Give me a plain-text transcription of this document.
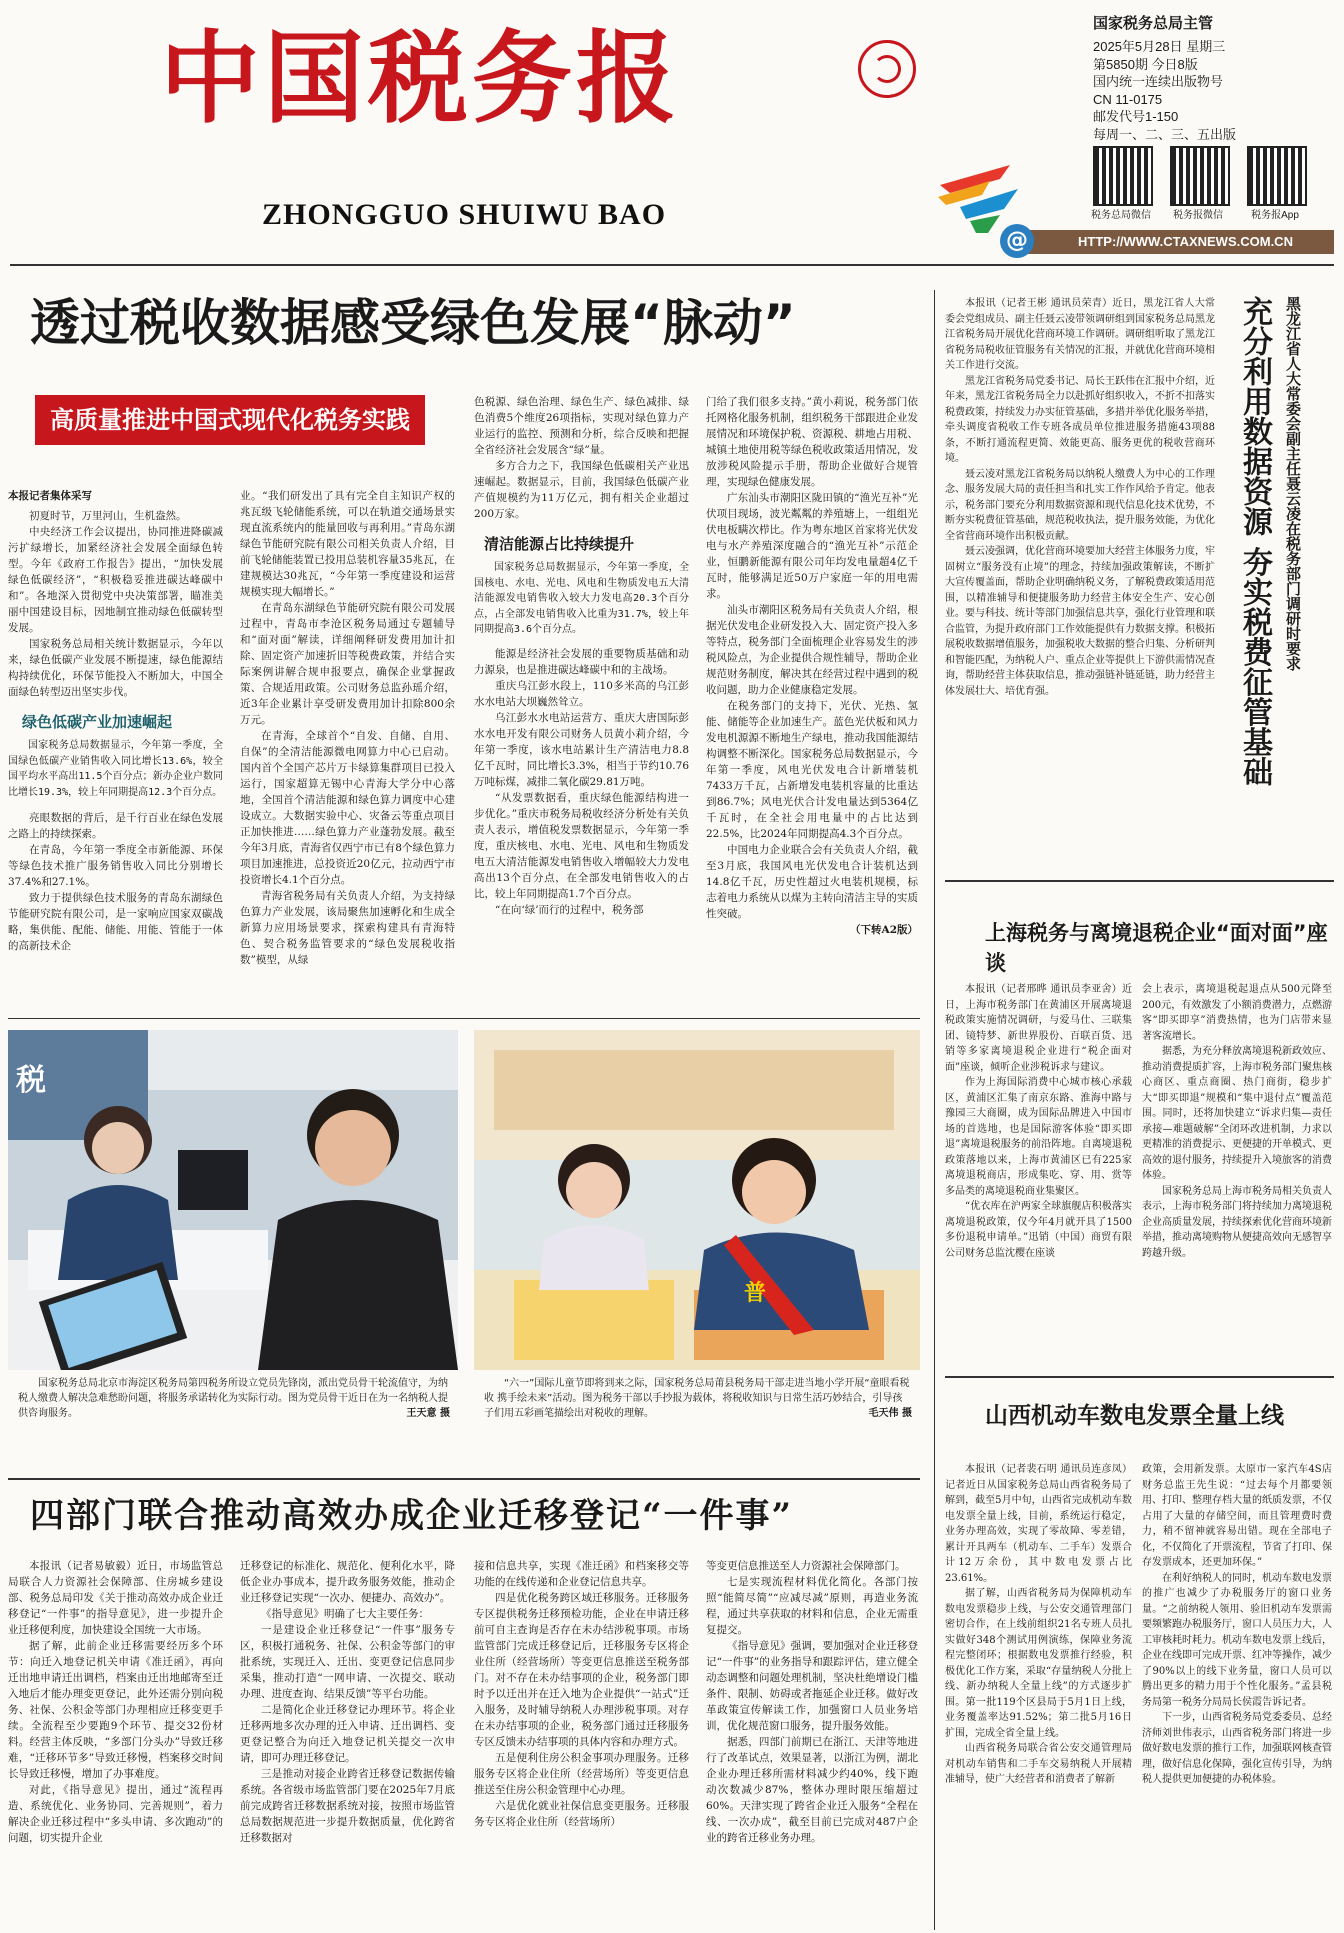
中国税务报
ZHONGGUO SHUIWU BAO
国家税务总局主管
2025年5月28日 星期三
第5850期 今日8版
国内统一连续出版物号
CN 11-0175
邮发代号1-150
每周一、二、三、五出版
税务总局微信	税务报微信	税务报App
HTTP://WWW.CTAXNEWS.COM.CN
@
透过税收数据感受绿色发展“脉动”
高质量推进中国式现代化税务实践
本报记者集体采写

初夏时节，万里河山，生机盎然。

中央经济工作会议提出，协同推进降碳减污扩绿增长，加紧经济社会发展全面绿色转型。今年《政府工作报告》提出，“加快发展绿色低碳经济”，“积极稳妥推进碳达峰碳中和”。各地深入贯彻党中央决策部署，瞄准美丽中国建设目标，因地制宜推动绿色低碳转型发展。

国家税务总局相关统计数据显示，今年以来，绿色低碳产业发展不断提速，绿色能源结构持续优化，环保节能投入不断加大，中国全面绿色转型迈出坚实步伐。

绿色低碳产业加速崛起
国家税务总局数据显示，今年第一季度，全国绿色低碳产业销售收入同比增长13.6%，较全国平均水平高出11.5个百分点；新办企业户数同比增长19.3%，较上年同期提高12.3个百分点。

亮眼数据的背后，是千行百业在绿色发展之路上的持续探索。

在青岛，今年第一季度全市新能源、环保等绿色技术推广服务销售收入同比分别增长37.4%和27.1%。

致力于提供绿色技术服务的青岛东湖绿色节能研究院有限公司，是一家响应国家双碳战略，集供能、配能、储能、用能、管能于一体的高新技术企

业。“我们研发出了具有完全自主知识产权的兆瓦级飞轮储能系统，可以在轨道交通场景实现直流系统内的能量回收与再利用。”青岛东湖绿色节能研究院有限公司相关负责人介绍，目前飞轮储能装置已投用总装机容量35兆瓦，在建规模达30兆瓦，“今年第一季度建设和运营规模实现大幅增长。”

在青岛东湖绿色节能研究院有限公司发展过程中，青岛市李沧区税务局通过专题辅导和“面对面”解读，详细阐释研发费用加计扣除、固定资产加速折旧等税费政策，并结合实际案例讲解合规申报要点，确保企业掌握政策、合规适用政策。公司财务总监孙瑶介绍，近3年企业累计享受研发费用加计扣除800余万元。

在青海，全球首个“自发、自储、自用、自保”的全清洁能源微电网算力中心已启动。国内首个全国产芯片万卡绿算集群项目已投入运行，国家超算无锡中心青海大学分中心落地，全国首个清洁能源和绿色算力调度中心建设成立。大数据实验中心、灾备云等重点项目正加快推进……绿色算力产业蓬勃发展。截至今年3月底，青海省仅西宁市已有8个绿色算力项目加速推进，总投资近20亿元，拉动西宁市投资增长4.1个百分点。

青海省税务局有关负责人介绍，为支持绿色算力产业发展，该局聚焦加速孵化和生成全新算力应用场景要求，探索构建具有青海特色、契合税务监管要求的“绿色发展税收指数”模型，从绿

色税源、绿色治理、绿色生产、绿色减排、绿色消费5个维度26项指标，实现对绿色算力产业运行的监控、预测和分析，综合反映和把握全省经济社会发展含“绿”量。

多方合力之下，我国绿色低碳相关产业迅速崛起。数据显示，目前，我国绿色低碳产业产值规模约为11万亿元，拥有相关企业超过200万家。

清洁能源占比持续提升
国家税务总局数据显示，今年第一季度，全国核电、水电、光电、风电和生物质发电五大清洁能源发电销售收入较大力发电高20.3个百分点，占全部发电销售收入比重为31.7%，较上年同期提高3.6个百分点。

能源是经济社会发展的重要物质基础和动力源泉，也是推进碳达峰碳中和的主战场。

重庆乌江彭水段上，110多米高的乌江彭水水电站大坝巍然耸立。

乌江彭水水电站运营方、重庆大唐国际彭水水电开发有限公司财务人员黄小莉介绍，今年第一季度，该水电站累计生产清洁电力8.8亿千瓦时，同比增长3.3%，相当于节约10.76万吨标煤，减排二氧化碳29.81万吨。

“从发票数据看，重庆绿色能源结构进一步优化。”重庆市税务局税收经济分析处有关负责人表示，增值税发票数据显示，今年第一季度，重庆核电、水电、光电、风电和生物质发电五大清洁能源发电销售收入增幅较大力发电高出13个百分点，在全部发电销售收入的占比，较上年同期提高1.7个百分点。

“在向‘绿’而行的过程中，税务部

门给了我们很多支持。”黄小莉说，税务部门依托网格化服务机制，组织税务干部跟进企业发展情况和环境保护税、资源税、耕地占用税、城镇土地使用税等绿色税收政策适用情况，发放涉税风险提示手册，帮助企业做好合规管理，实现绿色健康发展。

广东汕头市潮阳区陇田镇的“渔光互补”光伏项目现场，波光粼粼的养殖塘上，一组组光伏电板瞒次栉比。作为粤东地区首家将光伏发电与水产养殖深度融合的“渔光互补”示范企业，恒鹏新能源有限公司年均发电量超4亿千瓦时，能够满足近50万户家庭一年的用电需求。

汕头市潮阳区税务局有关负责人介绍，根据光伏发电企业研发投入大、固定资产投入多等特点，税务部门全面梳理企业容易发生的涉税风险点，为企业提供合规性辅导，帮助企业规范财务制度，解决其在经营过程中遇到的税收问题，助力企业健康稳定发展。

在税务部门的支持下，光伏、光热、氢能、储能等企业加速生产。蓝色光伏板和风力发电机源源不断地生产绿电，推动我国能源结构调整不断深化。国家税务总局数据显示，今年第一季度，风电光伏发电合计新增装机7433万千瓦，占新增发电装机容量的比重达到86.7%；风电光伏合计发电量达到5364亿千瓦时，在全社会用电量中的占比达到22.5%，比2024年同期提高4.3个百分点。

中国电力企业联合会有关负责人介绍，截至3月底，我国风电光伏发电合计装机达到14.8亿千瓦，历史性超过火电装机规模，标志着电力系统从以煤为主转向清洁主导的实质性突破。

（下转A2版）
税
国家税务总局北京市海淀区税务局第四税务所设立党员先锋岗，派出党员骨干轮流值守，为纳税人缴费人解决急难愁盼问题，将服务承诺转化为实际行动。图为党员骨干近日在为一名纳税人提供咨询服务。	王天意 摄
普
“六一”国际儿童节即将到来之际，国家税务总局莆县税务局干部走进当地小学开展“童眼看税收 携手绘未来”活动。图为税务干部以手抄报为载体，将税收知识与日常生活巧妙结合，引导孩子们用五彩画笔描绘出对税收的理解。	毛天伟 摄
四部门联合推动高效办成企业迁移登记“一件事”

本报讯（记者易敏毅）近日，市场监管总局联合人力资源社会保障部、住房城乡建设部、税务总局印发《关于推动高效办成企业迁移登记“一件事”的指导意见》，进一步提升企业迁移便利度，加快建设全国统一大市场。

据了解，此前企业迁移需要经历多个环节：向迁入地登记机关申请《准迁函》，再向迁出地申请迁出调档，档案由迁出地邮寄至迁入地后才能办理变更登记，此外还需分别向税务、社保、公积金等部门办理相应迁移变更手续。全流程至少要跑9个环节、提交32份材料。经营主体反映，“多部门分头办”导致迁移难，“迁移环节多”导致迁移慢，档案移交时间长导致迁移慢，增加了办事难度。

对此，《指导意见》提出，通过“流程再造、系统优化、业务协同、完善规则”，着力解决企业迁移过程中“多头申请、多次跑动”的问题，切实提升企业

迁移登记的标准化、规范化、便利化水平，降低企业办事成本，提升政务服务效能，推动企业迁移登记实现“一次办、便捷办、高效办”。

《指导意见》明确了七大主要任务：

一是建设企业迁移登记“一件事”服务专区，积极打通税务、社保、公积金等部门的审批系统，实现迁入、迁出、变更登记信息同步采集，推动打造“一网申请、一次提交、联动办理、进度查询、结果反馈”等平台功能。

二是简化企业迁移登记办理环节。将企业迁移两地多次办理的迁入申请、迁出调档、变更登记整合为向迁入地登记机关提交一次申请，即可办理迁移登记。

三是推动对接企业跨省迁移登记数据传输系统。各省级市场监管部门要在2025年7月底前完成跨省迁移数据系统对接，按照市场监管总局数据规范进一步提升数据质量，优化跨省迁移数据对

接和信息共享，实现《准迁函》和档案移交等功能的在线传递和企业登记信息共享。

四是优化税务跨区域迁移服务。迁移服务专区提供税务迁移预检功能，企业在申请迁移前可自主查询是否存在未办结涉税事项。市场监管部门完成迁移登记后，迁移服务专区将企业住所（经营场所）等变更信息推送至税务部门。对不存在未办结事项的企业，税务部门即时予以迁出并在迁入地为企业提供“一站式”迁入服务，及时辅导纳税人办理涉税事项。对存在未办结事项的企业，税务部门通过迁移服务专区反馈未办结事项的具体内容和办理方式。

五是便利住房公积金事项办理服务。迁移服务专区将企业住所（经营场所）等变更信息推送至住房公积金管理中心办理。

六是优化就业社保信息变更服务。迁移服务专区将企业住所（经营场所）

等变更信息推送至人力资源社会保障部门。

七是实现流程材料优化简化。各部门按照“能简尽简”“应减尽减”原则，再造业务流程，通过共享获取的材料和信息，企业无需重复提交。

《指导意见》强调，要加强对企业迁移登记“一件事”的业务指导和跟踪评估，建立健全动态调整和问题处理机制，坚决杜绝增设门槛条件、限制、妨碍或者拖延企业迁移。做好改革政策宣传解读工作，加强窗口人员业务培训，优化规范窗口服务，提升服务效能。

据悉，四部门前期已在浙江、天津等地进行了改革试点，效果显著，以浙江为例，湖北企业办理迁移所需材料减少约40%，线下跑动次数减少87%，整体办理时限压缩超过60%。天津实现了跨省企业迁入服务“全程在线、一次办成”，截至目前已完成对487户企业的跨省迁移业务办理。

本报讯（记者王彬 通讯员荣青）近日，黑龙江省人大常委会党组成员、副主任聂云凌带领调研组到国家税务总局黑龙江省税务局开展优化营商环境工作调研。调研组听取了黑龙江省税务局税收征管服务有关情况的汇报，并就优化营商环境相关工作进行交流。

黑龙江省税务局党委书记、局长王跃伟在汇报中介绍，近年来，黑龙江省税务局全力以赴抓好组织收入，不折不扣落实税费政策，持续发力办实征管基础，多措并举优化服务举措，牵头调度省税收工作专班各成员单位推进服务措施43项88条，不断打通流程更简、效能更高、服务更优的税收营商环境。

聂云凌对黑龙江省税务局以纳税人缴费人为中心的工作理念、服务发展大局的责任担当和扎实工作作风给予肯定。他表示，税务部门要充分利用数据资源和现代信息化技术优势，不断夯实税费征管基础，规范税收执法，提升服务效能，为优化全省营商环境作出积极贡献。

聂云凌强调，优化营商环境要加大经营主体服务力度，牢固树立“服务没有止境”的理念，持续加强政策解读，不断扩大宣传覆盖面，帮助企业明确纳税义务，了解税费政策适用范围，以精准辅导和便捷服务助力经营主体安全生产、安心创业。要与科技、统计等部门加强信息共享，强化行业管理和联合监管，为提升政府部门工作效能提供有力数据支撑。积极拓展税收数据增值服务，加强税收大数据的整合归集、分析研判和智能匹配，为纳税人户、重点企业等提供上下游供需情况查询，帮助经营主体获取信息，推动强链补链延链，助力经营主体发展壮大、培优育强。

黑龙江省人大常委会副主任聂云凌在税务部门调研时要求
充分利用数据资源 夯实税费征管基础
上海税务与离境退税企业“面对面”座谈

本报讯（记者邢晔 通讯员李亚舍）近日，上海市税务部门在黄浦区开展离境退税政策实施情况调研，与爱马仕、三联集团、镜特梦、新世界股份、百联百货、迅销等多家离境退税企业进行“税企面对面”座谈，倾听企业涉税诉求与建议。

作为上海国际消费中心城市核心承载区，黄浦区汇集了南京东路、淮海中路与豫园三大商圈，成为国际品牌进入中国市场的首选地，也是国际游客体验“即买即退”离境退税服务的前沿阵地。自离境退税政策落地以来，上海市黄浦区已有225家离境退税商店，形成集吃、穿、用、赏等多品类的离境退税商业集聚区。

“优衣库在沪两家全球旗舰店积极落实离境退税政策，仅今年4月就开具了1500多份退税申请单。”迅销（中国）商贸有限公司财务总监沈樱在座谈

会上表示，离境退税起退点从500元降至200元，有效激发了小额消费潜力，点燃游客“即买即享”消费热情，也为门店带来显著客流增长。

据悉，为充分释放离境退税新政效应、推动消费提质扩容，上海市税务部门聚焦核心商区、重点商圈、热门商街，稳步扩大“即买即退”规模和“集中退付点”覆盖范围。同时，还将加快建立“诉求归集—责任承接—难题破解”全闭环改进机制，力求以更精准的消费提示、更便捷的开单模式、更高效的退付服务，持续提升入境旅客的消费体验。

国家税务总局上海市税务局相关负责人表示，上海市税务部门将持续加力离境退税企业高质量发展，持续探索优化营商环境新举措，推动离境购物从便捷高效向无感智享跨越升级。

山西机动车数电发票全量上线

本报讯（记者裴石明 通讯员连彦凤）记者近日从国家税务总局山西省税务局了解到，截至5月中旬，山西省完成机动车数电发票全量上线，目前，系统运行稳定，业务办理高效，实现了零故障、零差错，累计开具两车（机动车、二手车）发票合计12万余份，其中数电发票占比23.61%。

据了解，山西省税务局为保障机动车数电发票稳步上线，与公安交通管理部门密切合作，在上线前组织21名专班人员扎实做好348个测试用例演练，保障业务流程完整闭环；根据数电发票推行经验，积极优化工作方案，采取“存量纳税人分批上线、新办纳税人全量上线”的方式逐步扩围。第一批119个区县局于5月1日上线，业务覆盖率达91.52%；第二批5月16日扩围，完成全省全量上线。

山西省税务局联合省公安交通管理局对机动车销售和二手车交易纳税人开展精准辅导，使广大经营者和消费者了解新

政策，会用新发票。太原市一家汽车4S店财务总监王先生说：“过去每个月都要领用、打印、整理存档大量的纸质发票，不仅占用了大量的存储空间，而且管理费时费力，稍不留神就容易出错。现在全部电子化，不仅简化了开票流程，节省了打印、保存发票成本，还更加环保。”

在利好纳税人的同时，机动车数电发票的推广也减少了办税服务厅的窗口业务量。“之前纳税人领用、验旧机动车发票需要频繁跑办税服务厅，窗口人员压力大，人工审核耗时耗力。机动车数电发票上线后，企业在线即可完成开票、红冲等操作，减少了90%以上的线下业务量，窗口人员可以腾出更多的精力用于个性化服务。”孟县税务局第一税务分局局长侯霞告诉记者。

下一步，山西省税务局党委委员、总经济师刘世伟表示，山西省税务部门将进一步做好数电发票的推行工作，加强联网核查管理，做好信息化保障，强化宣传引导，为纳税人提供更加便捷的办税体验。
